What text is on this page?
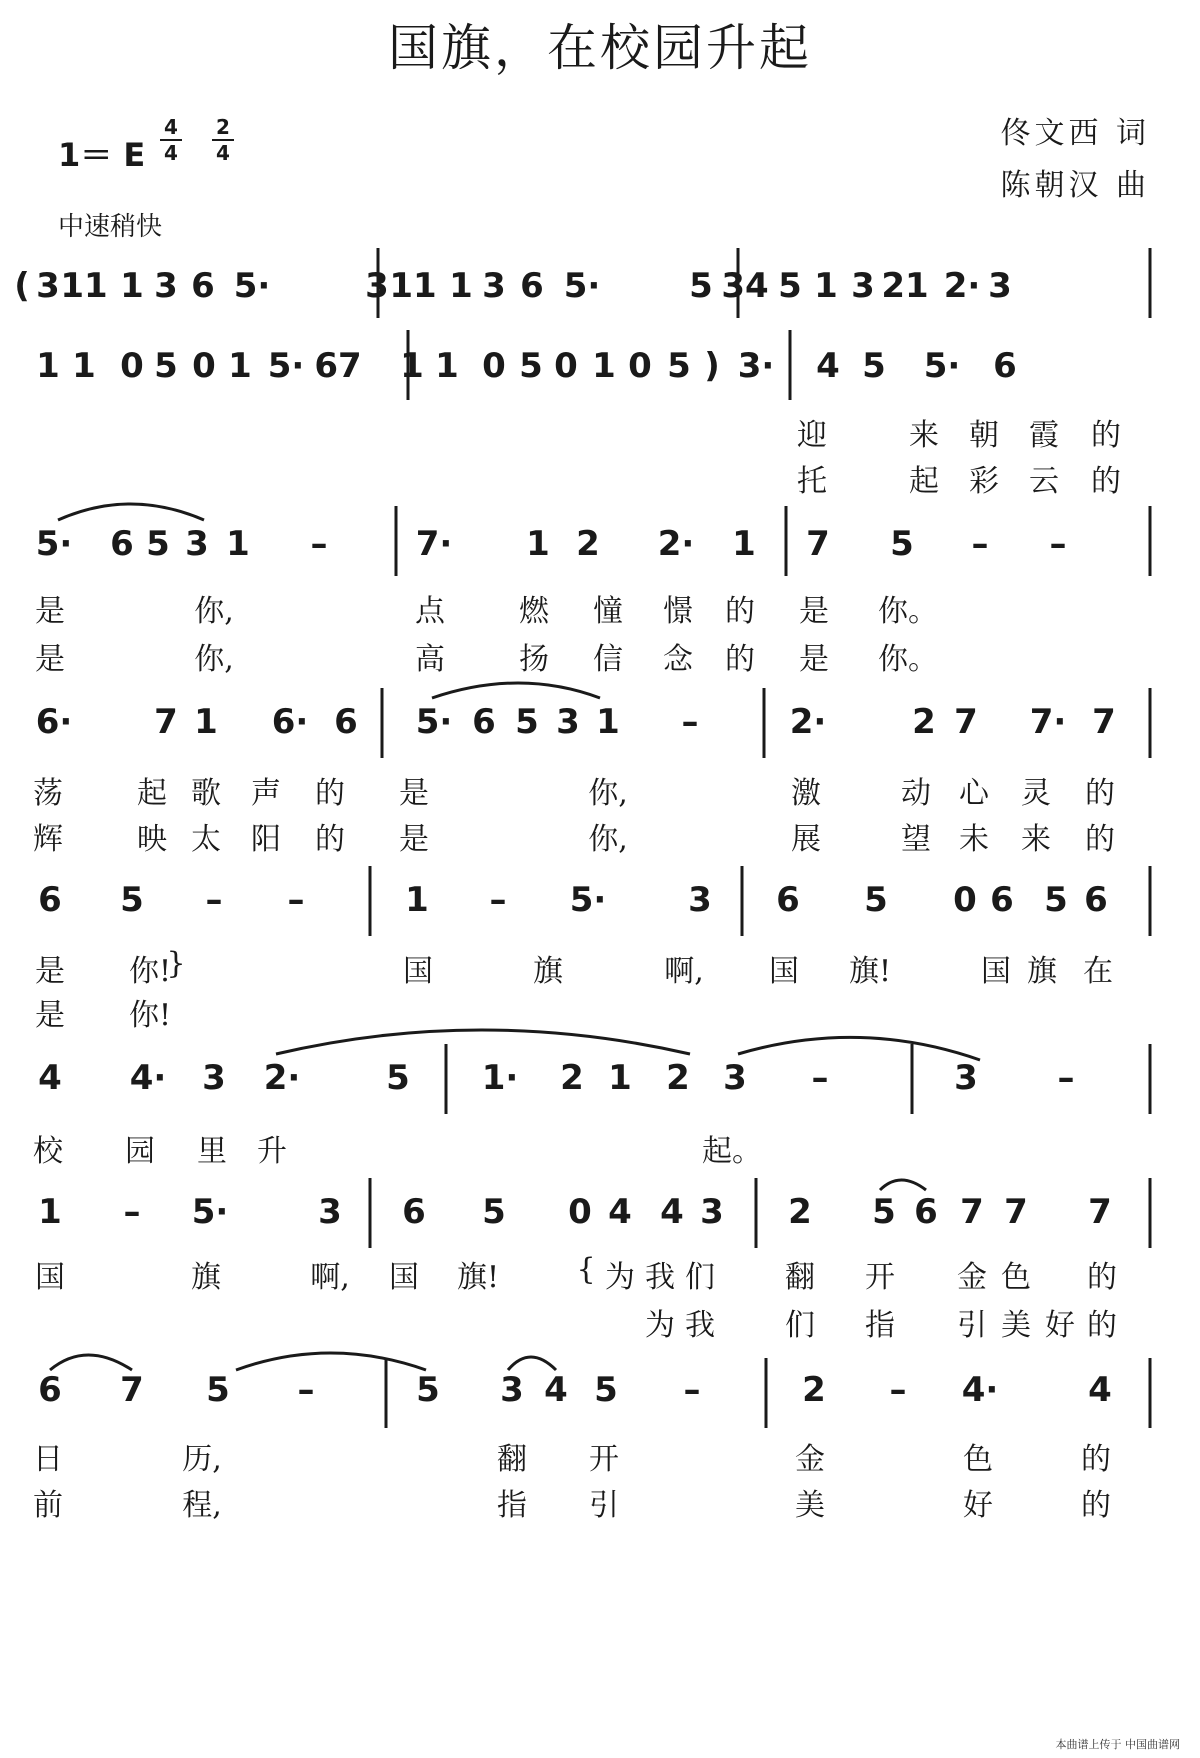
国旗，在校园升起
1＝ E
4
4
2
4
中速稍快
佟文西 词
陈朝汉 曲
( 3 11 1 3 6 5·	3 11 1 3 6 5·	5 34 5 1 3 21 2· 3
1 1 0 5 0 1 5· 67 1 1 0 5 0 1 0 5 ) 3· 4 5 5· 6
迎	来 朝 霞 的
托	起 彩 云 的
5· 6 5 3 1 –	7· 1 2 2· 1 7 5 – –
是	你,	点 燃 憧 憬 的 是 你。
是	你,	高 扬 信 念 的 是 你。
6· 7 1 6· 6 5· 6 5 3 1 –	2·	2 7 7· 7
荡 起 歌 声 的 是	你,	激	动 心 灵 的
辉 映 太 阳 的 是	你,	展	望 未 来 的
6 5 – –	1 – 5· 3 6 5 0 6 5 6
是 你!
}	国	旗	啊, 国 旗!	国 旗 在
是 你!
4 4· 3 2·	5 1· 2 1 2 3 –	3 –
校 园 里 升	起。
1 – 5·	3 6 5 0 4 4 3 2 5 6 7 7 7
国	旗	啊, 国 旗!	{ 为 我 们 翻 开 金 色 的
为 我 们 指 引 美 好 的
6 7 5 –	5 3 4 5 –	2 – 4·	4
日	历,	翻 开	金	色	的
前	程,	指 引	美	好	的
本曲谱上传于 中国曲谱网
